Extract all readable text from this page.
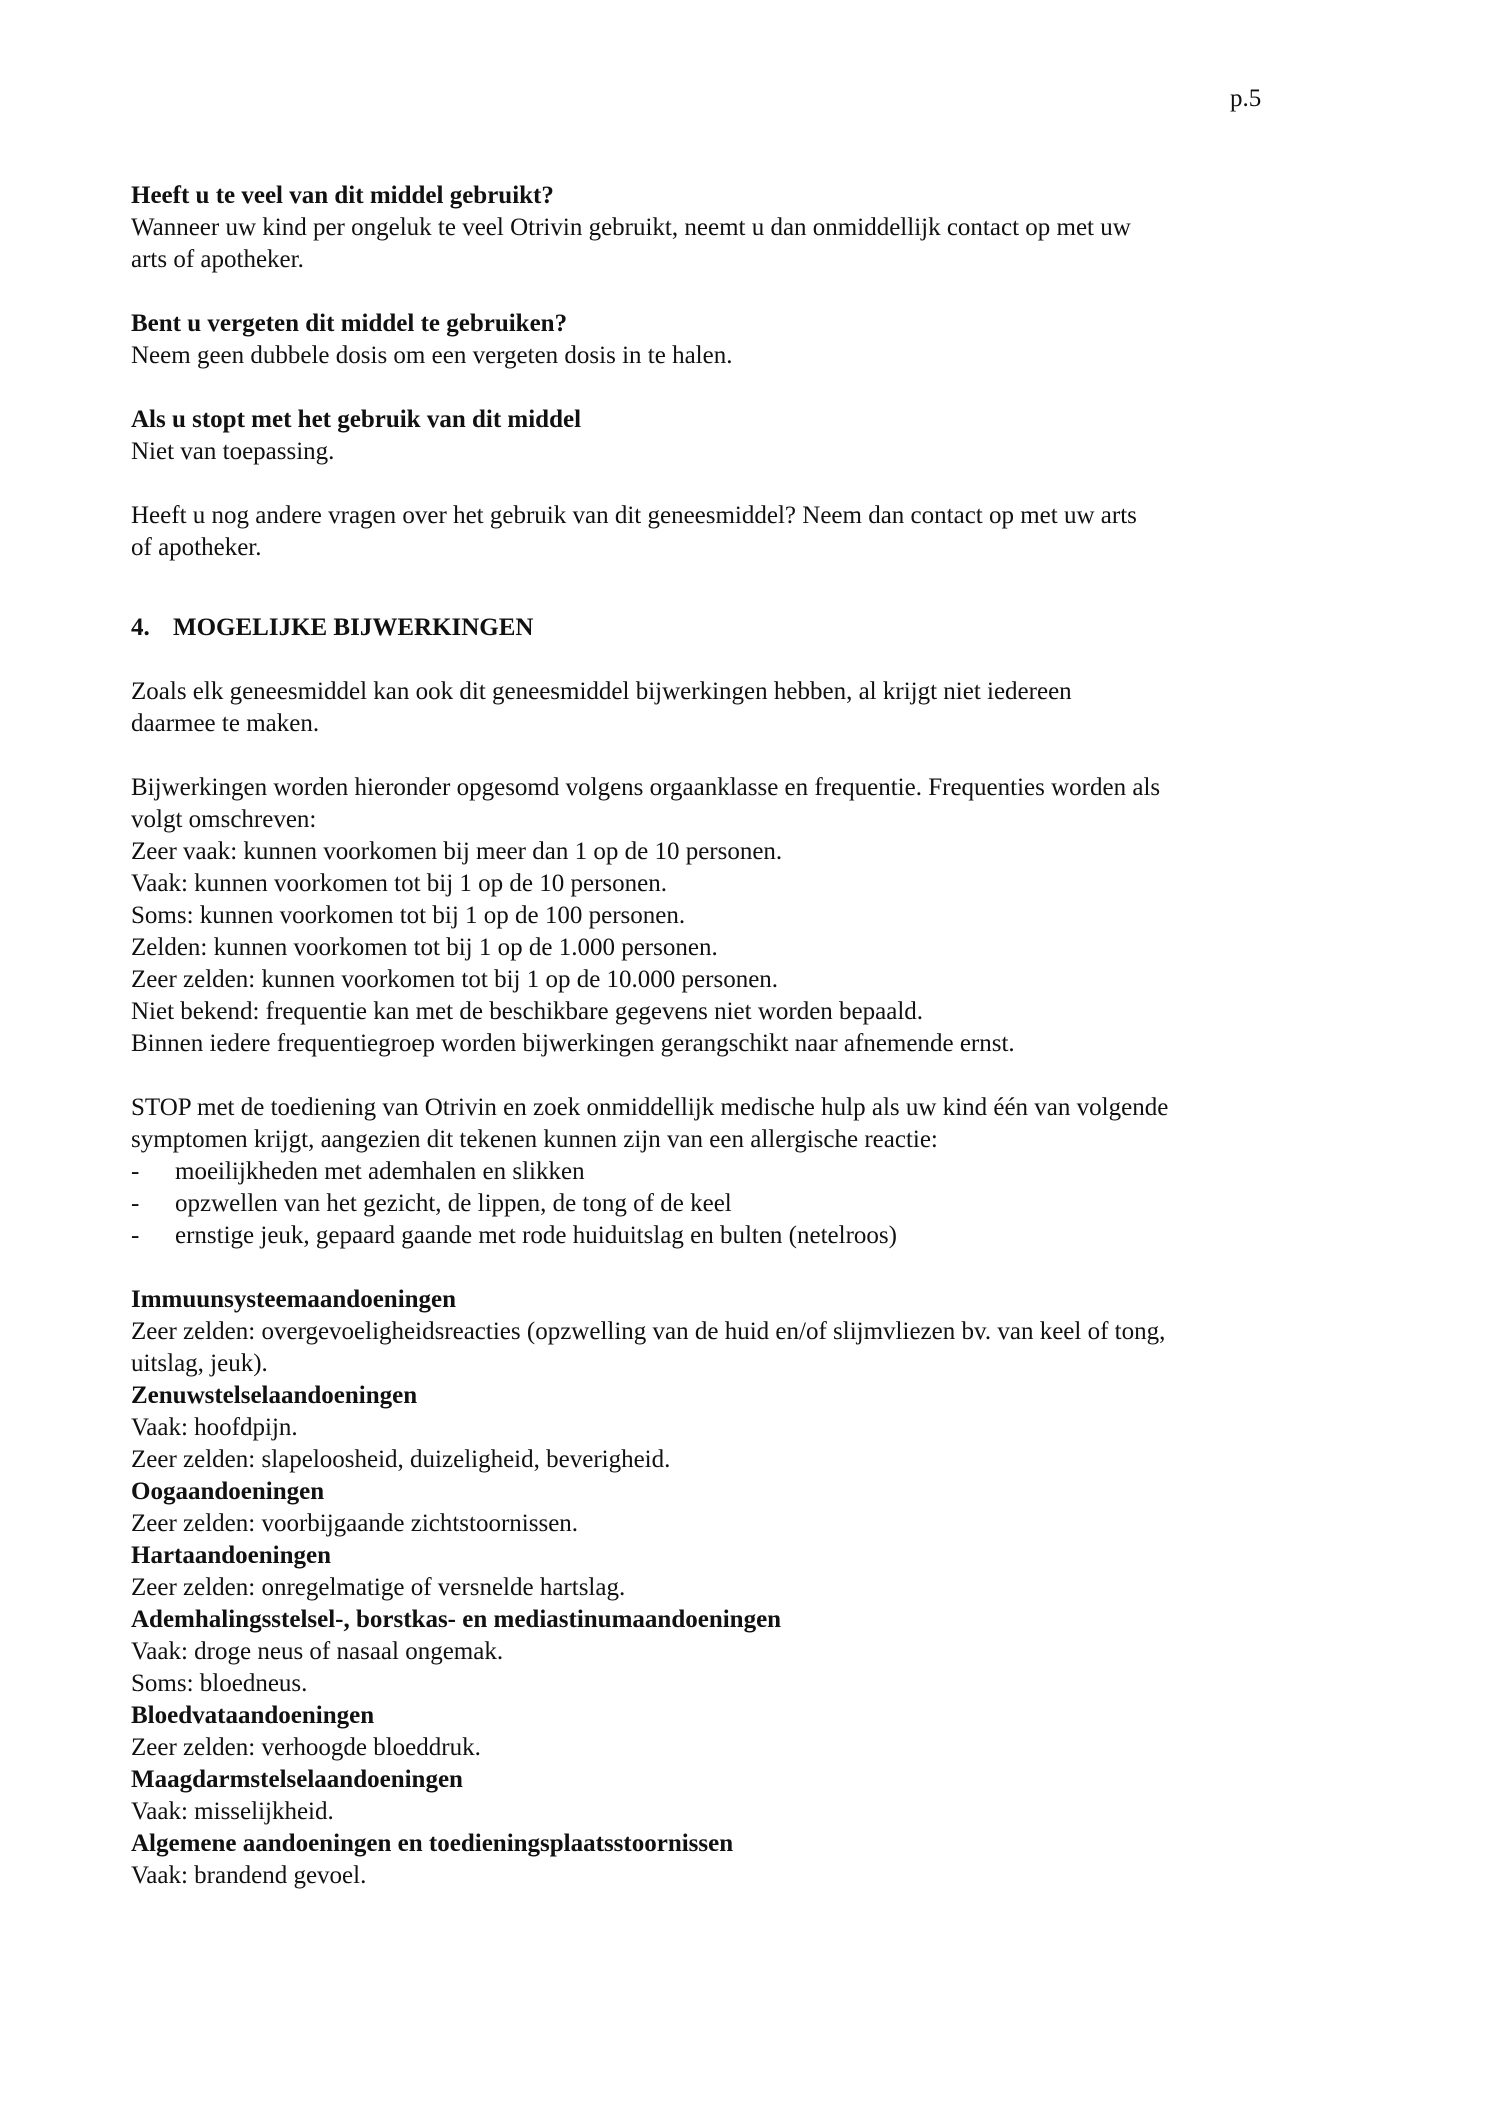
p.5
Heeft u te veel van dit middel gebruikt?
Wanneer uw kind per ongeluk te veel Otrivin gebruikt, neemt u dan onmiddellijk contact op met uw
arts of apotheker.
Bent u vergeten dit middel te gebruiken?
Neem geen dubbele dosis om een vergeten dosis in te halen.
Als u stopt met het gebruik van dit middel
Niet van toepassing.
Heeft u nog andere vragen over het gebruik van dit geneesmiddel? Neem dan contact op met uw arts
of apotheker.
4. MOGELIJKE BIJWERKINGEN
Zoals elk geneesmiddel kan ook dit geneesmiddel bijwerkingen hebben, al krijgt niet iedereen
daarmee te maken.
Bijwerkingen worden hieronder opgesomd volgens orgaanklasse en frequentie. Frequenties worden als
volgt omschreven:
Zeer vaak: kunnen voorkomen bij meer dan 1 op de 10 personen.
Vaak: kunnen voorkomen tot bij 1 op de 10 personen.
Soms: kunnen voorkomen tot bij 1 op de 100 personen.
Zelden: kunnen voorkomen tot bij 1 op de 1.000 personen.
Zeer zelden: kunnen voorkomen tot bij 1 op de 10.000 personen.
Niet bekend: frequentie kan met de beschikbare gegevens niet worden bepaald.
Binnen iedere frequentiegroep worden bijwerkingen gerangschikt naar afnemende ernst.
STOP met de toediening van Otrivin en zoek onmiddellijk medische hulp als uw kind één van volgende
symptomen krijgt, aangezien dit tekenen kunnen zijn van een allergische reactie:
- moeilijkheden met ademhalen en slikken
- opzwellen van het gezicht, de lippen, de tong of de keel
- ernstige jeuk, gepaard gaande met rode huiduitslag en bulten (netelroos)
Immuunsysteemaandoeningen
Zeer zelden: overgevoeligheidsreacties (opzwelling van de huid en/of slijmvliezen bv. van keel of tong,
uitslag, jeuk).
Zenuwstelselaandoeningen
Vaak: hoofdpijn.
Zeer zelden: slapeloosheid, duizeligheid, beverigheid.
Oogaandoeningen
Zeer zelden: voorbijgaande zichtstoornissen.
Hartaandoeningen
Zeer zelden: onregelmatige of versnelde hartslag.
Ademhalingsstelsel-, borstkas- en mediastinumaandoeningen
Vaak: droge neus of nasaal ongemak.
Soms: bloedneus.
Bloedvataandoeningen
Zeer zelden: verhoogde bloeddruk.
Maagdarmstelselaandoeningen
Vaak: misselijkheid.
Algemene aandoeningen en toedieningsplaatsstoornissen
Vaak: brandend gevoel.
